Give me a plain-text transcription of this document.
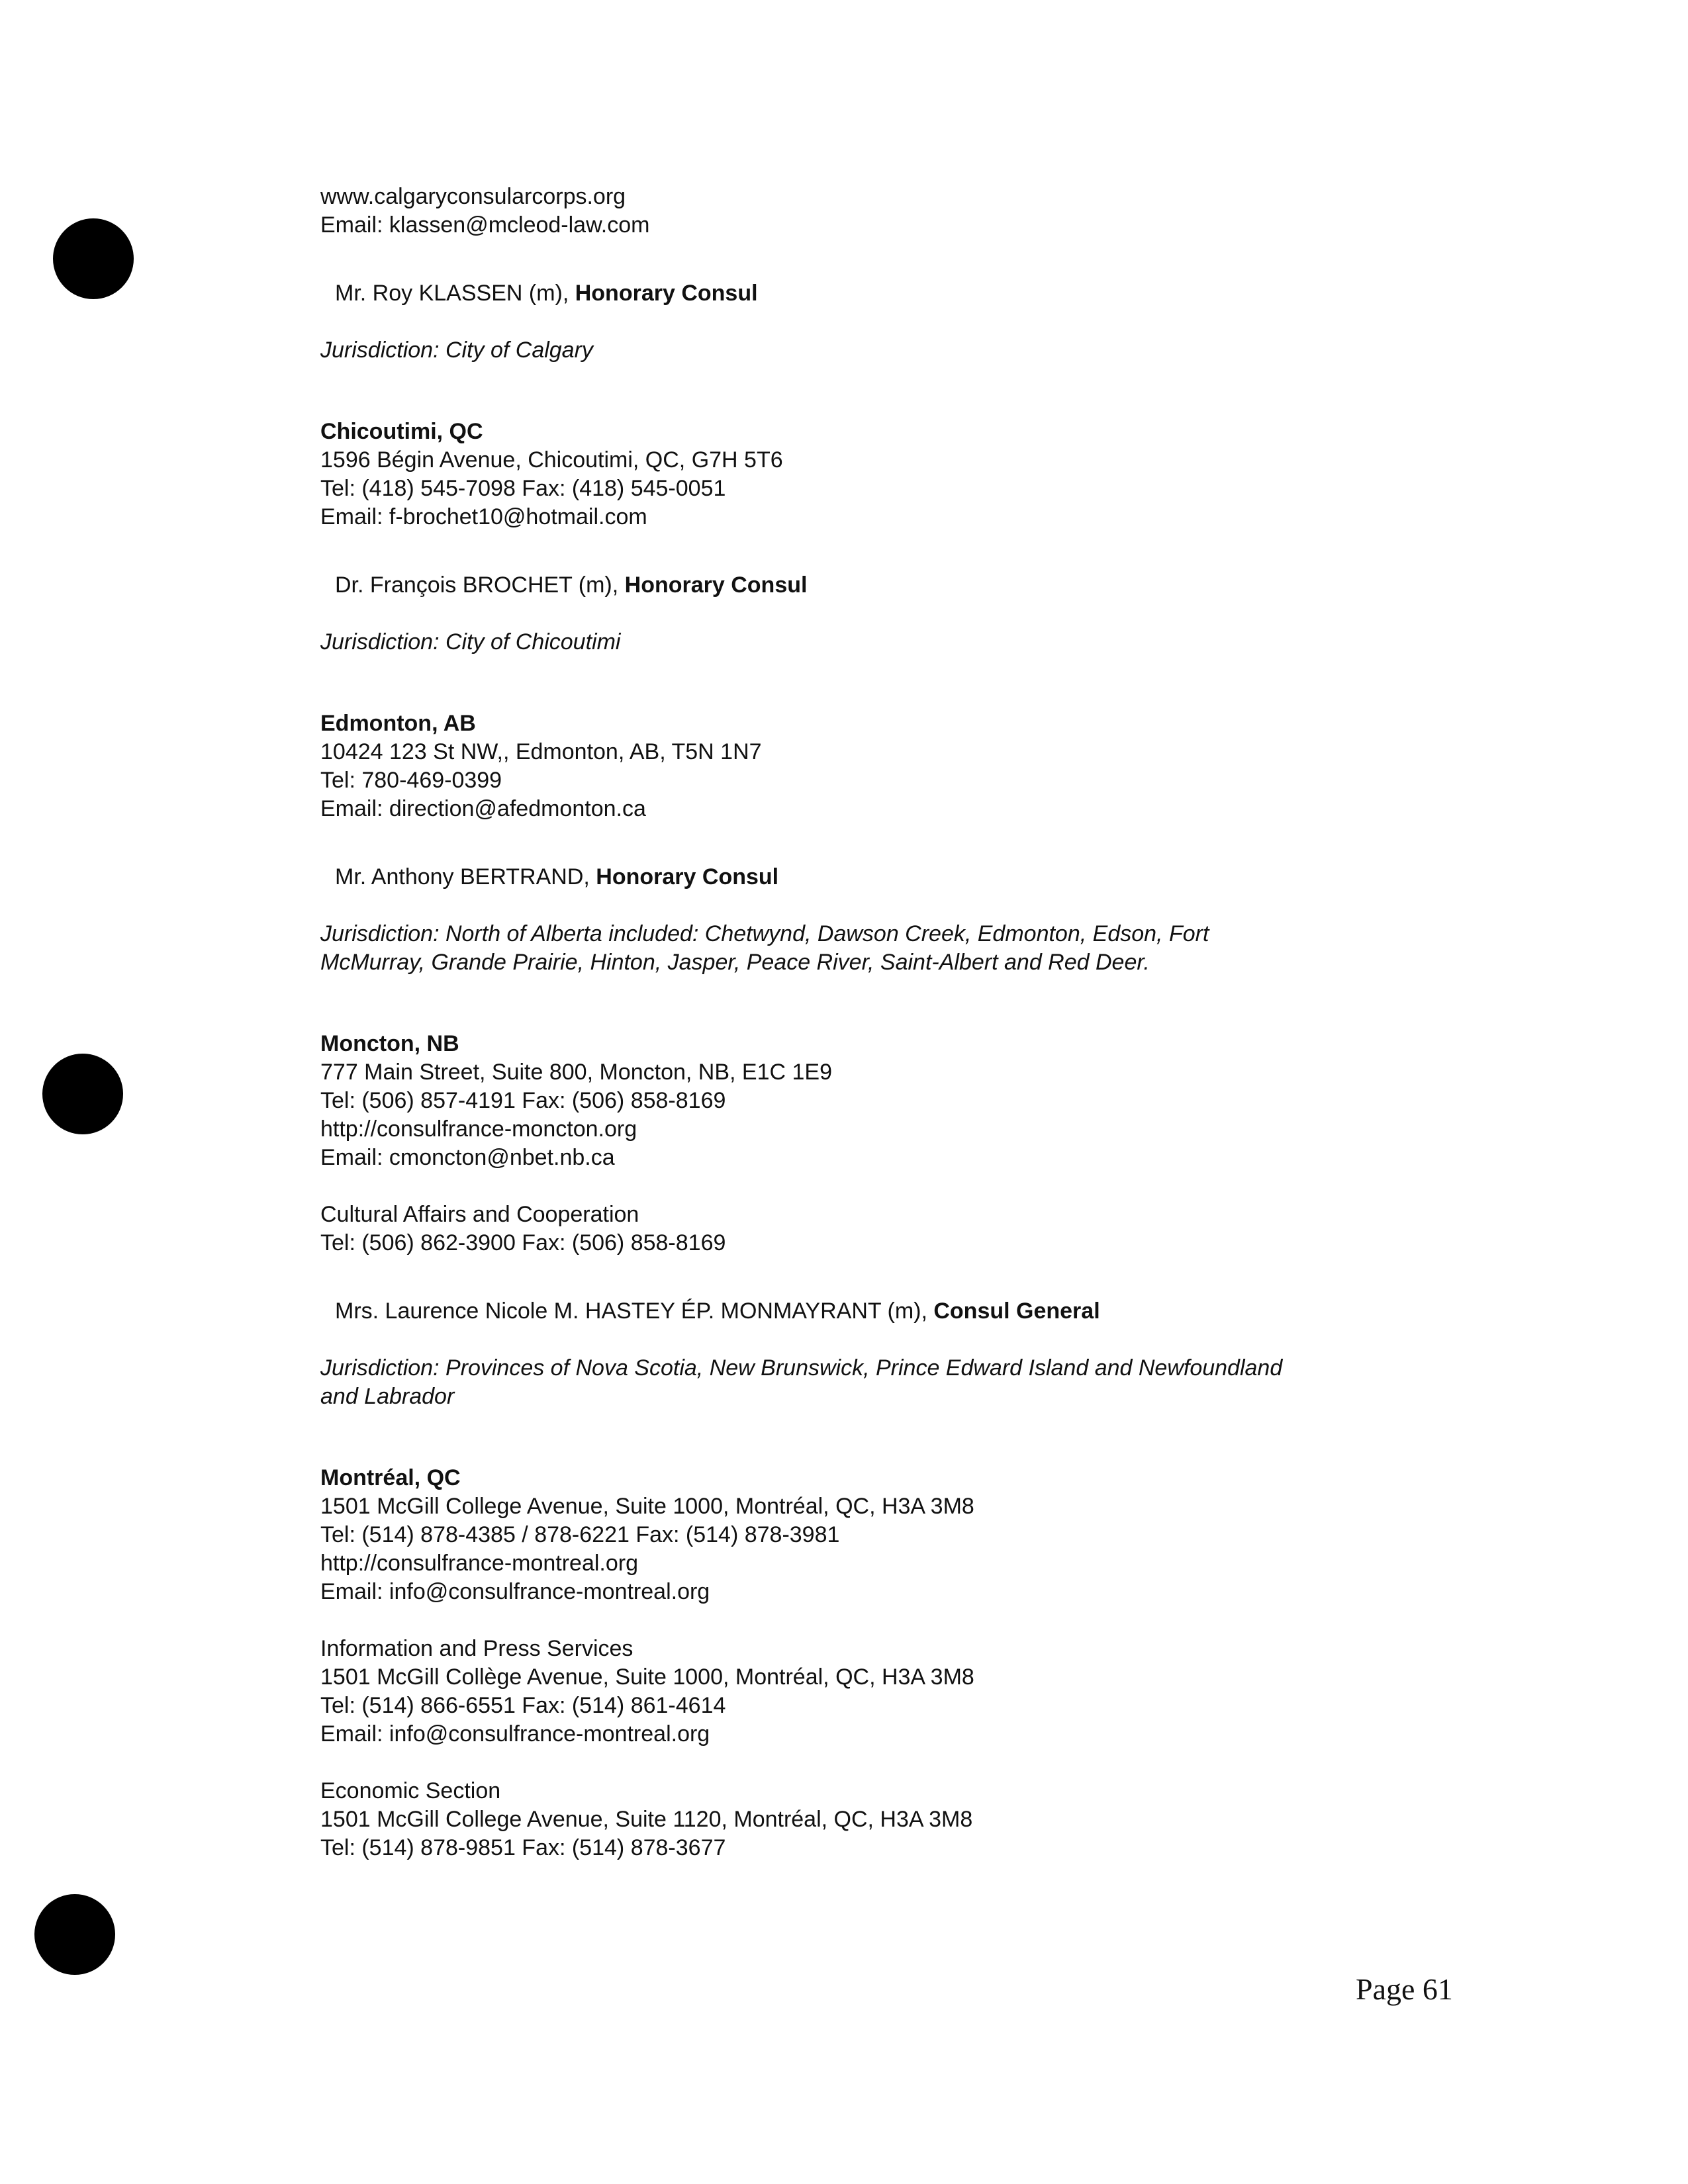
www.calgaryconsularcorps.org
Email: klassen@mcleod-law.com
Mr. Roy KLASSEN (m), Honorary Consul
Jurisdiction: City of Calgary
Chicoutimi, QC
1596 Bégin Avenue, Chicoutimi, QC, G7H 5T6
Tel: (418) 545-7098 Fax: (418) 545-0051
Email: f-brochet10@hotmail.com
Dr. François BROCHET (m), Honorary Consul
Jurisdiction: City of Chicoutimi
Edmonton, AB
10424 123 St NW,, Edmonton, AB, T5N 1N7
Tel: 780-469-0399
Email: direction@afedmonton.ca
Mr. Anthony BERTRAND, Honorary Consul
Jurisdiction: North of Alberta included: Chetwynd, Dawson Creek, Edmonton, Edson, Fort
McMurray, Grande Prairie, Hinton, Jasper, Peace River, Saint-Albert and Red Deer.
Moncton, NB
777 Main Street, Suite 800, Moncton, NB, E1C 1E9
Tel: (506) 857-4191 Fax: (506) 858-8169
http://consulfrance-moncton.org
Email: cmoncton@nbet.nb.ca
Cultural Affairs and Cooperation
Tel: (506) 862-3900 Fax: (506) 858-8169
Mrs. Laurence Nicole M. HASTEY ÉP. MONMAYRANT (m), Consul General
Jurisdiction: Provinces of Nova Scotia, New Brunswick, Prince Edward Island and Newfoundland
and Labrador
Montréal, QC
1501 McGill College Avenue, Suite 1000, Montréal, QC, H3A 3M8
Tel: (514) 878-4385 / 878-6221 Fax: (514) 878-3981
http://consulfrance-montreal.org
Email: info@consulfrance-montreal.org
Information and Press Services
1501 McGill Collège Avenue, Suite 1000, Montréal, QC, H3A 3M8
Tel: (514) 866-6551 Fax: (514) 861-4614
Email: info@consulfrance-montreal.org
Economic Section
1501 McGill College Avenue, Suite 1120, Montréal, QC, H3A 3M8
Tel: (514) 878-9851 Fax: (514) 878-3677
Page 61
